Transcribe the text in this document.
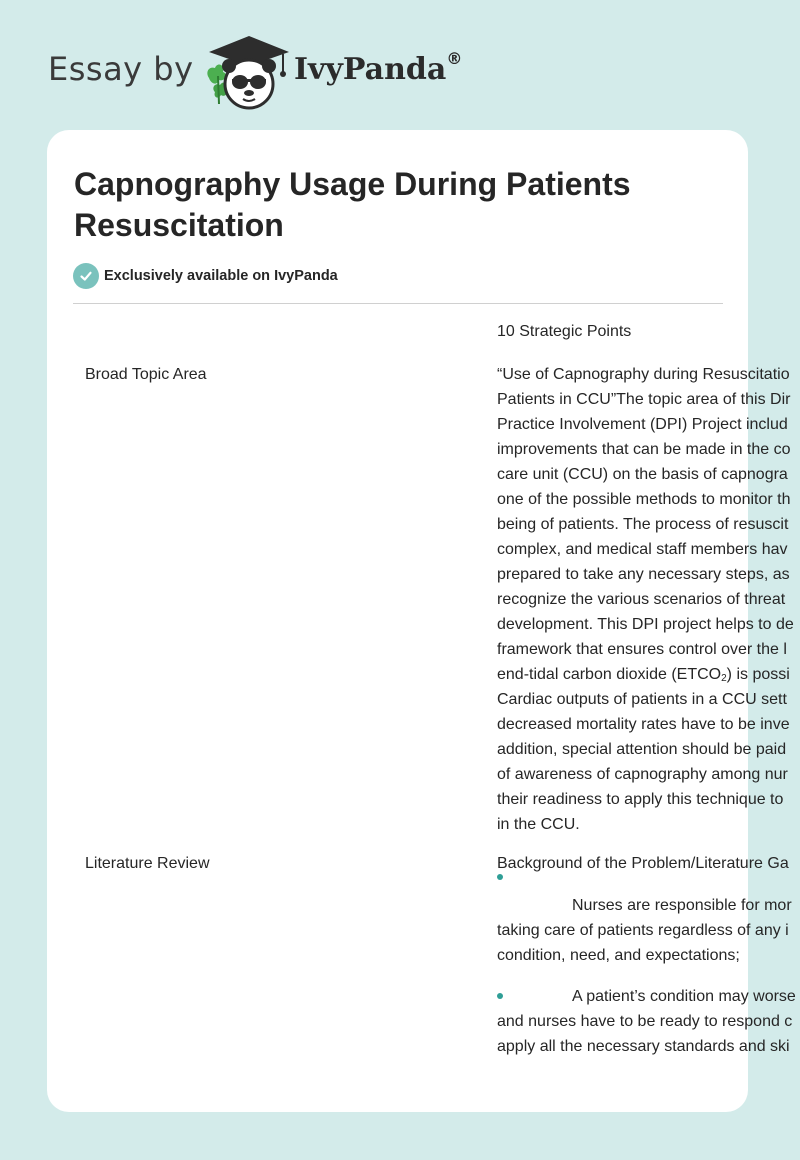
Essay by	IvyPanda®
Capnography Usage During Patients Resuscitation
Exclusively available on IvyPanda
10 Strategic Points
Broad Topic Area	“Use of Capnography during Resuscitatio
Patients in CCU”The topic area of this Dir
Practice Involvement (DPI) Project includ
improvements that can be made in the co
care unit (CCU) on the basis of capnogra
one of the possible methods to monitor th
being of patients. The process of resuscit
complex, and medical staff members hav
prepared to take any necessary steps, as
recognize the various scenarios of threat
development. This DPI project helps to de
framework that ensures control over the l
end-tidal carbon dioxide $(ETCO_2)$ is possi
Cardiac outputs of patients in a CCU sett
decreased mortality rates have to be inve
addition, special attention should be paid
of awareness of capnography among nur
their readiness to apply this technique to
in the CCU.
Literature Review	Background of the Problem/Literature Ga
Nurses are responsible for mor
taking care of patients regardless of any i
condition, need, and expectations;
A patient’s condition may worse
and nurses have to be ready to respond c
apply all the necessary standards and ski
